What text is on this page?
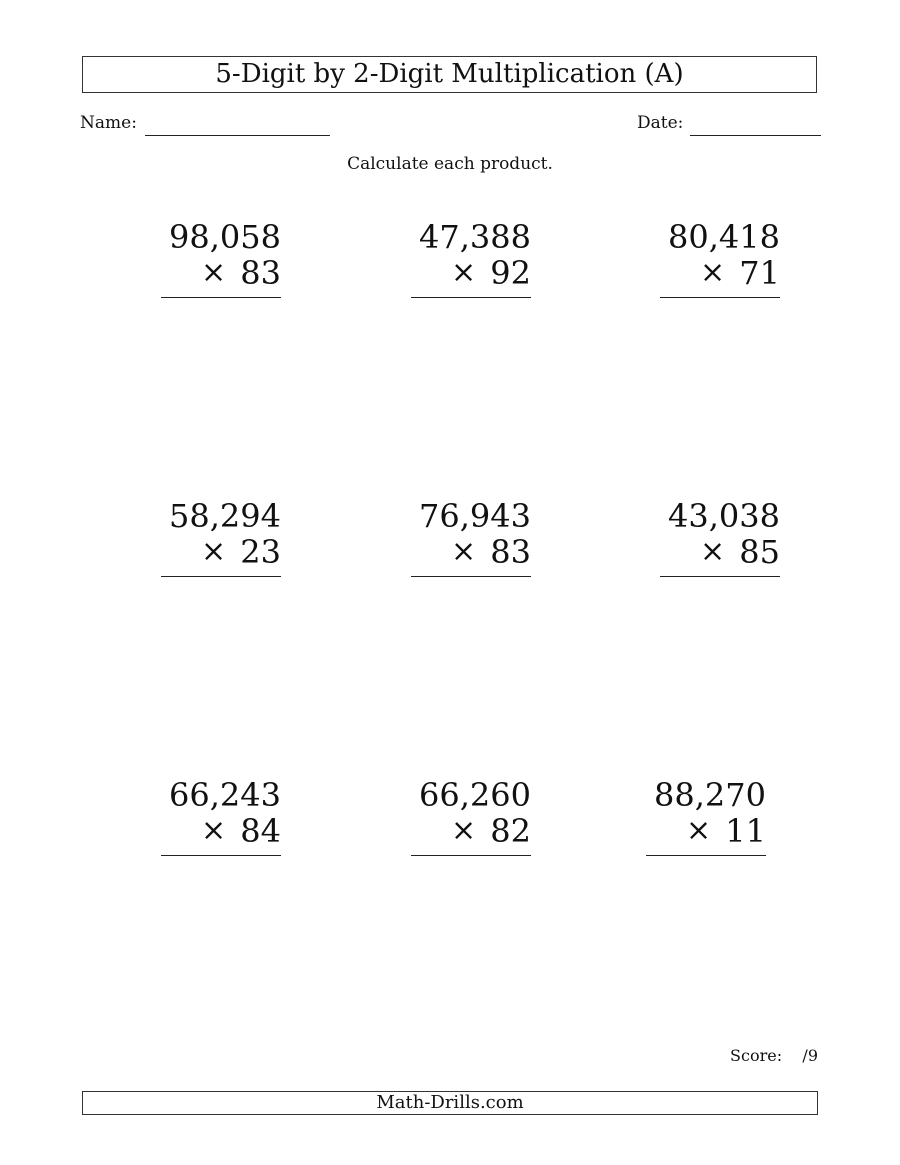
5-Digit by 2-Digit Multiplication (A)
Name:	Date:
Calculate each product.
98,058
× 83
47,388
× 92
80,418
× 71
58,294
× 23
76,943
× 83
43,038
× 85
66,243
× 84
66,260
× 82
88,270
× 11
Score: /9
Math-Drills.com
